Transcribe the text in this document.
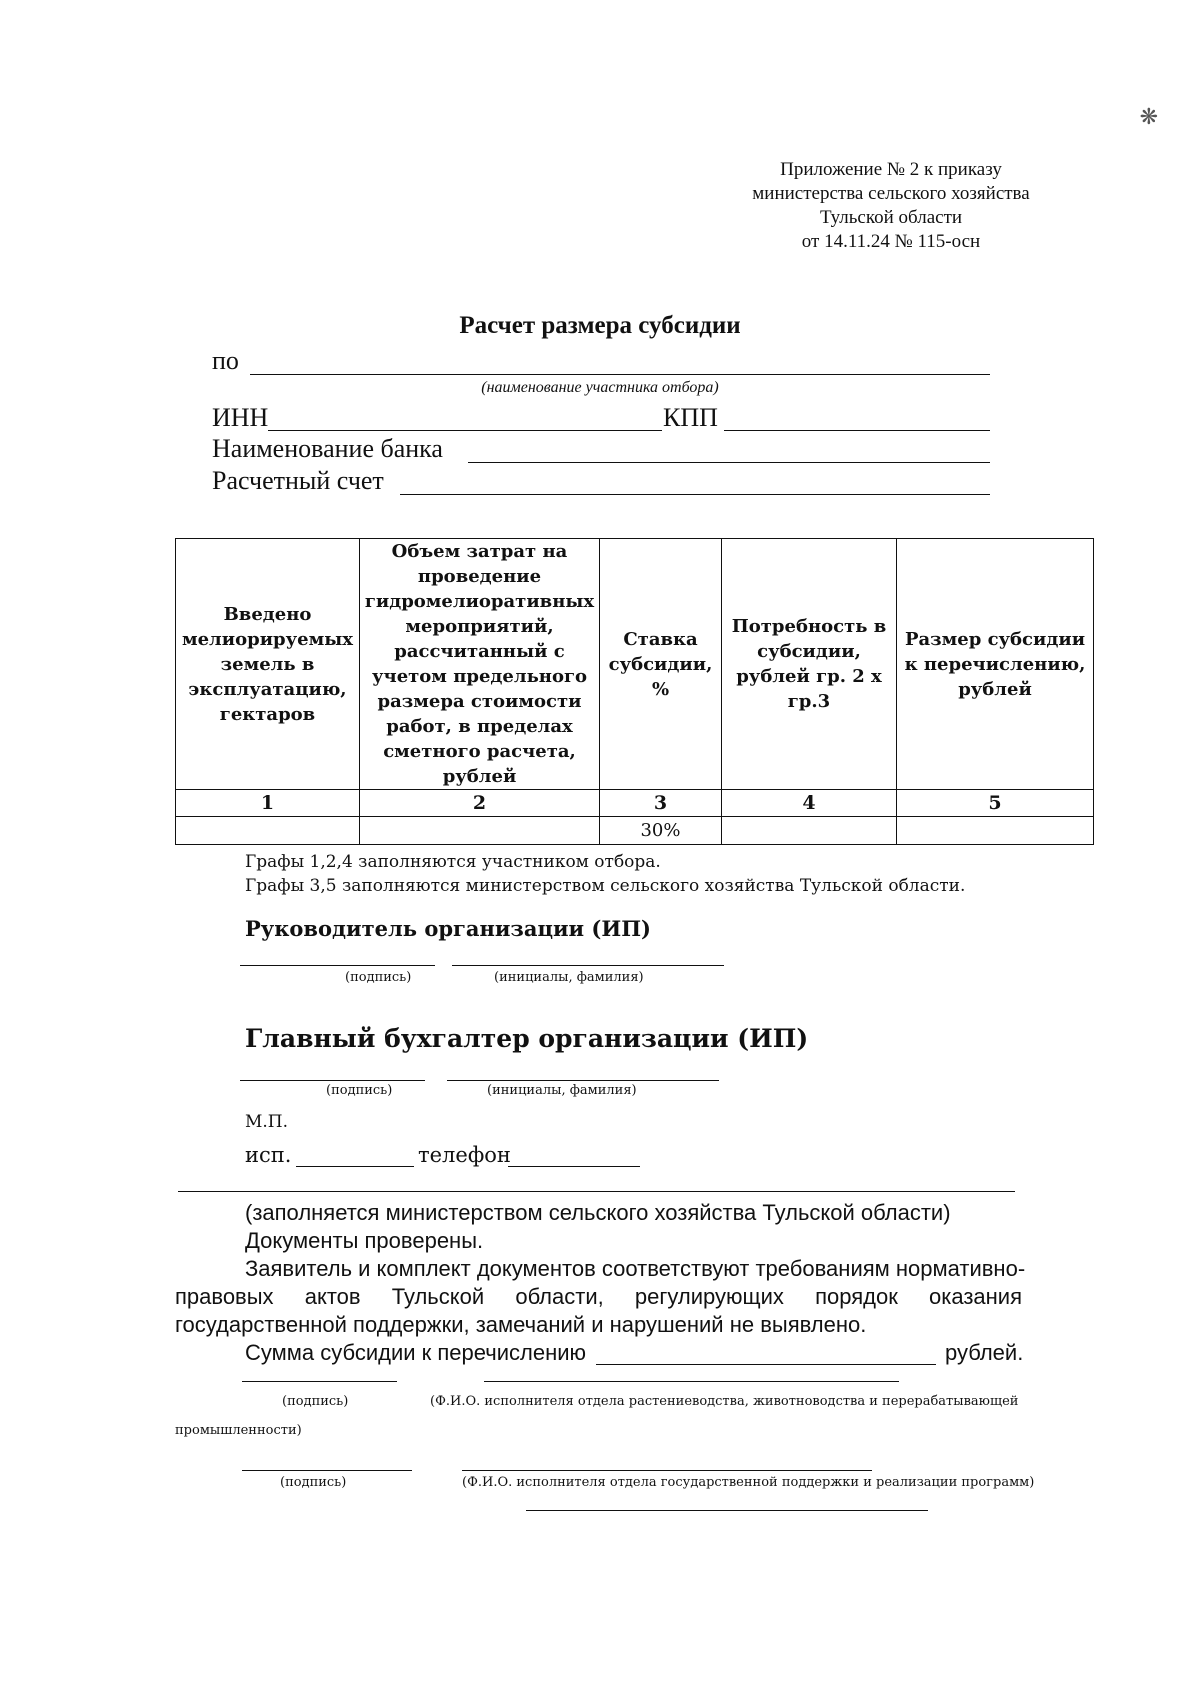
Приложение № 2 к приказу
министерства сельского хозяйства
Тульской области
от 14.11.24 № 115-осн
❋
Расчет размера субсидии
по
(наименование участника отбора)
ИНН	КПП
Наименование банка
Расчетный счет
Введено мелиорируемых земель в эксплуатацию, гектаров	Объем затрат на проведение гидромелиоративных мероприятий, рассчитанный с учетом предельного размера стоимости работ, в пределах сметного расчета, рублей	Ставка субсидии, %	Потребность в субсидии, рублей гр. 2 х гр.3	Размер субсидии к перечислению, рублей
1	2	3	4	5
		30%		
Графы 1,2,4 заполняются участником отбора.
Графы 3,5 заполняются министерством сельского хозяйства Тульской области.
Руководитель организации (ИП)
(подпись)	(инициалы, фамилия)
Главный бухгалтер организации (ИП)
(подпись)	(инициалы, фамилия)
М.П.
исп.	телефон
(заполняется министерством сельского хозяйства Тульской области)
Документы проверены.
Заявитель и комплект документов соответствуют требованиям нормативно-
правовых актов Тульской области, регулирующих порядок оказания
государственной поддержки, замечаний и нарушений не выявлено.
Сумма субсидии к перечислению	рублей.
(подпись)	(Ф.И.О. исполнителя отдела растениеводства, животноводства и перерабатывающей
промышленности)
(подпись)	(Ф.И.О. исполнителя отдела государственной поддержки и реализации программ)
